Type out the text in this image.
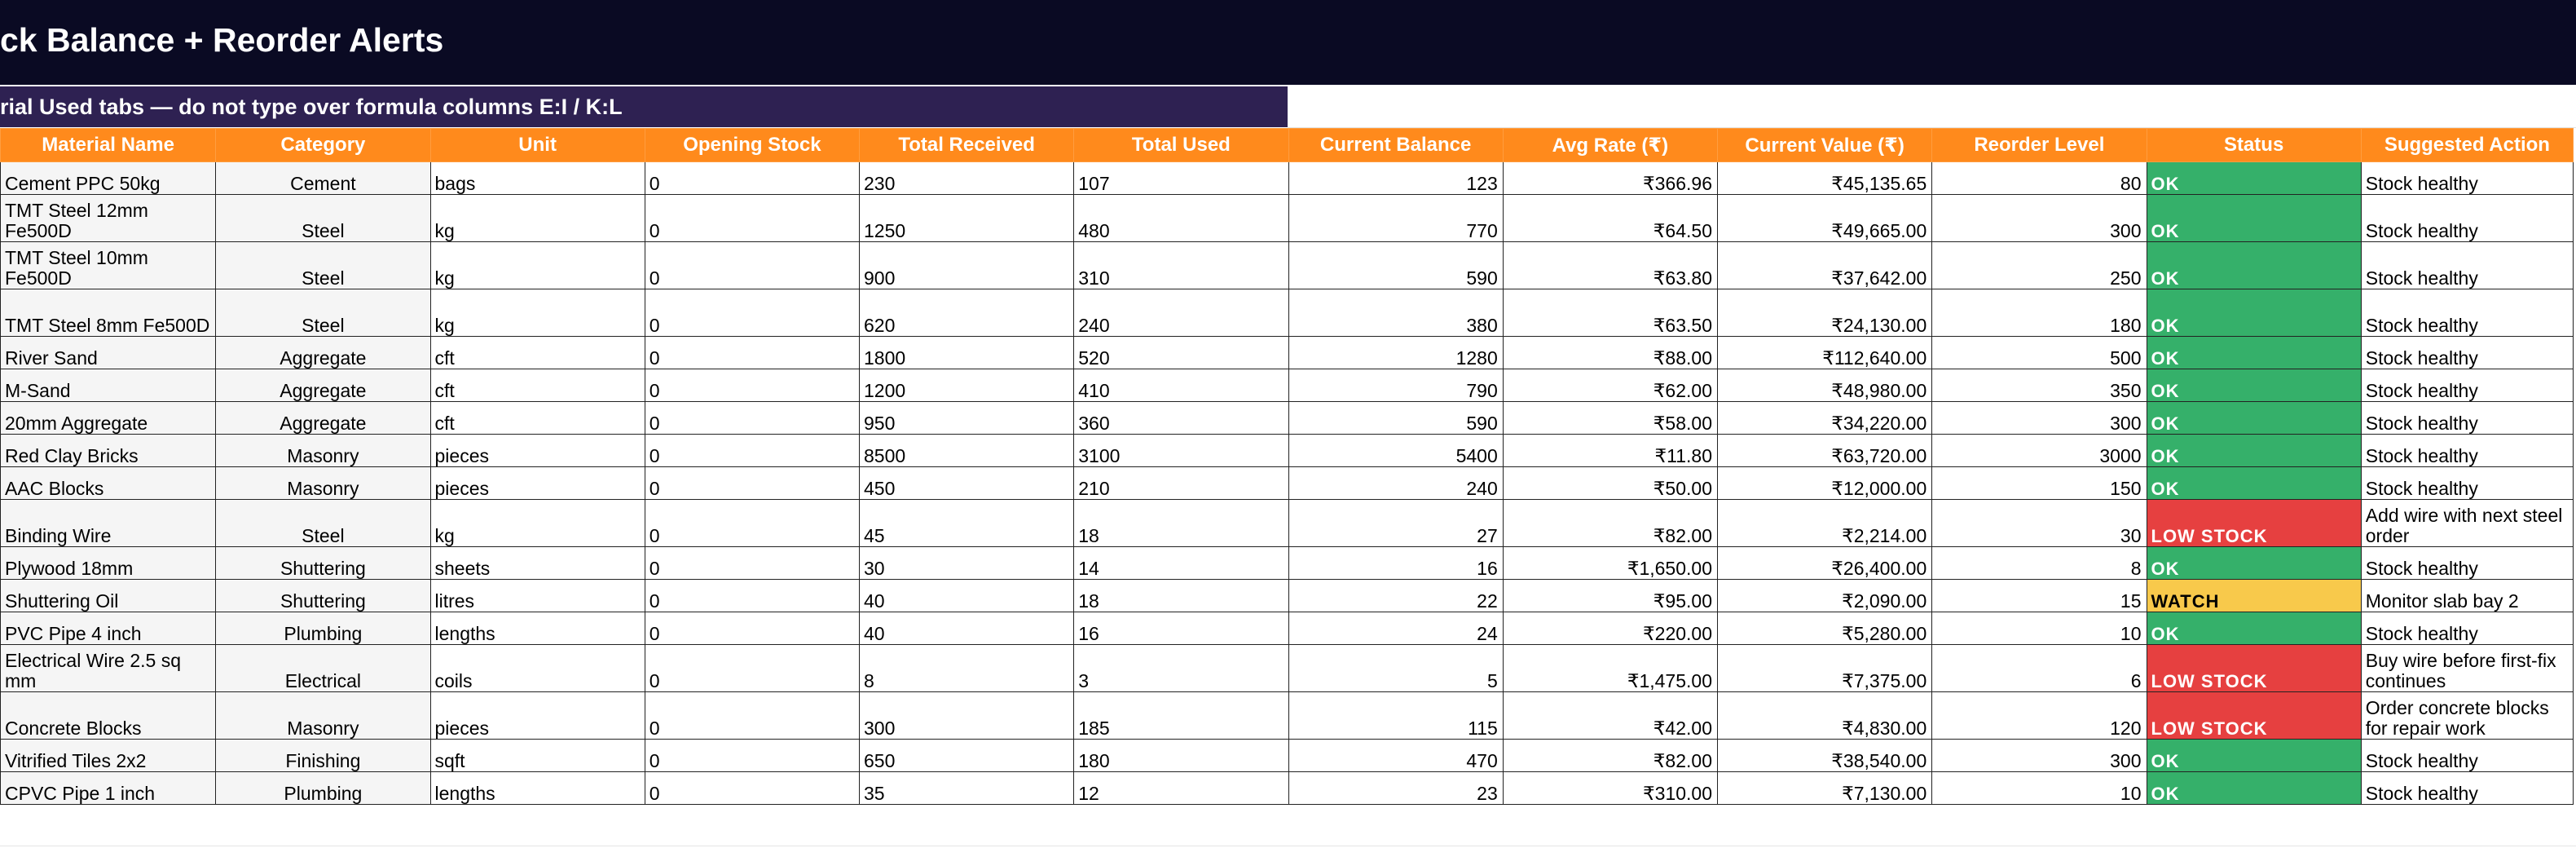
ck Balance + Reorder Alerts
rial Used tabs — do not type over formula columns E:I / K:L
Material Name	Category	Unit	Opening Stock	Total Received	Total Used	Current Balance	Avg Rate (₹)	Current Value (₹)	Reorder Level	Status	Suggested Action
Cement PPC 50kg	Cement	bags	0	230	107	123	₹366.96	₹45,135.65	80	OK	Stock healthy
TMT Steel 12mm Fe500D	Steel	kg	0	1250	480	770	₹64.50	₹49,665.00	300	OK	Stock healthy
TMT Steel 10mm Fe500D	Steel	kg	0	900	310	590	₹63.80	₹37,642.00	250	OK	Stock healthy
TMT Steel 8mm Fe500D	Steel	kg	0	620	240	380	₹63.50	₹24,130.00	180	OK	Stock healthy
River Sand	Aggregate	cft	0	1800	520	1280	₹88.00	₹112,640.00	500	OK	Stock healthy
M-Sand	Aggregate	cft	0	1200	410	790	₹62.00	₹48,980.00	350	OK	Stock healthy
20mm Aggregate	Aggregate	cft	0	950	360	590	₹58.00	₹34,220.00	300	OK	Stock healthy
Red Clay Bricks	Masonry	pieces	0	8500	3100	5400	₹11.80	₹63,720.00	3000	OK	Stock healthy
AAC Blocks	Masonry	pieces	0	450	210	240	₹50.00	₹12,000.00	150	OK	Stock healthy
Binding Wire	Steel	kg	0	45	18	27	₹82.00	₹2,214.00	30	LOW STOCK	Add wire with next steel order
Plywood 18mm	Shuttering	sheets	0	30	14	16	₹1,650.00	₹26,400.00	8	OK	Stock healthy
Shuttering Oil	Shuttering	litres	0	40	18	22	₹95.00	₹2,090.00	15	WATCH	Monitor slab bay 2
PVC Pipe 4 inch	Plumbing	lengths	0	40	16	24	₹220.00	₹5,280.00	10	OK	Stock healthy
Electrical Wire 2.5 sq mm	Electrical	coils	0	8	3	5	₹1,475.00	₹7,375.00	6	LOW STOCK	Buy wire before first-fix continues
Concrete Blocks	Masonry	pieces	0	300	185	115	₹42.00	₹4,830.00	120	LOW STOCK	Order concrete blocks for repair work
Vitrified Tiles 2x2	Finishing	sqft	0	650	180	470	₹82.00	₹38,540.00	300	OK	Stock healthy
CPVC Pipe 1 inch	Plumbing	lengths	0	35	12	23	₹310.00	₹7,130.00	10	OK	Stock healthy
